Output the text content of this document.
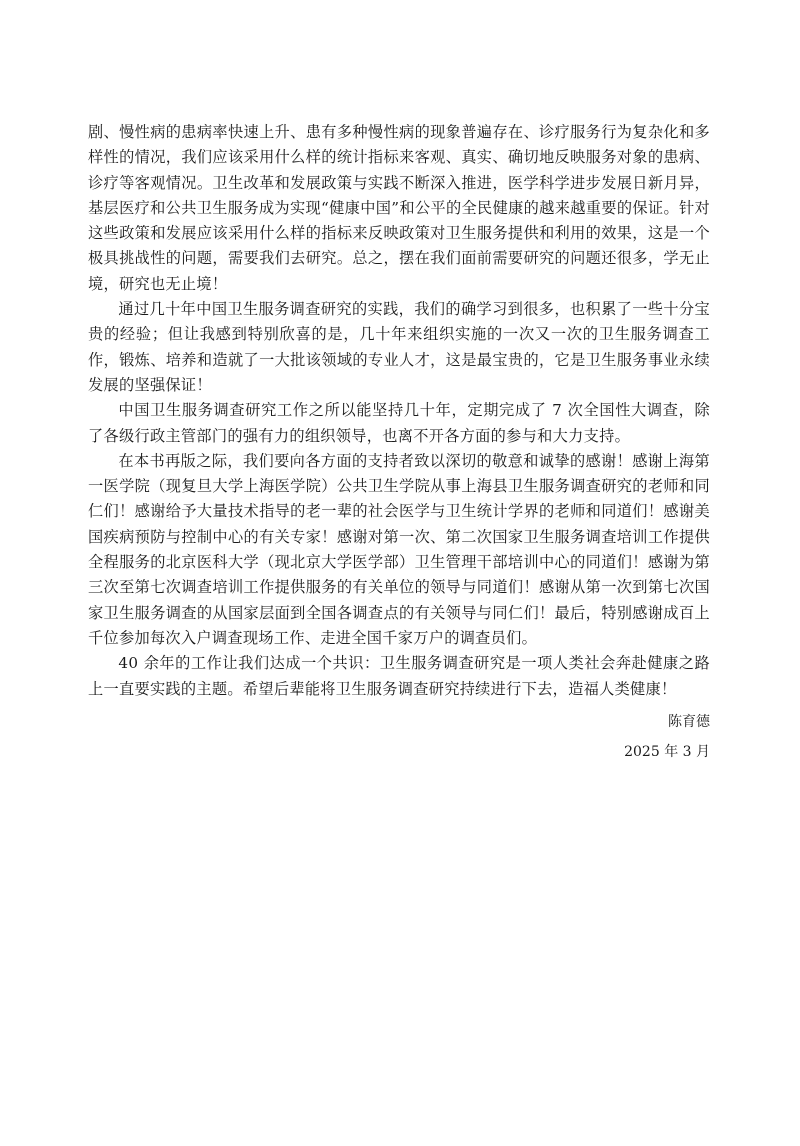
剧、慢性病的患病率快速上升、患有多种慢性病的现象普遍存在、诊疗服务行为复杂化和多样性的情况，我们应该采用什么样的统计指标来客观、真实、确切地反映服务对象的患病、诊疗等客观情况。卫生改革和发展政策与实践不断深入推进，医学科学进步发展日新月异，基层医疗和公共卫生服务成为实现“健康中国”和公平的全民健康的越来越重要的保证。针对这些政策和发展应该采用什么样的指标来反映政策对卫生服务提供和利用的效果，这是一个极具挑战性的问题，需要我们去研究。总之，摆在我们面前需要研究的问题还很多，学无止境，研究也无止境！

通过几十年中国卫生服务调查研究的实践，我们的确学习到很多，也积累了一些十分宝贵的经验；但让我感到特别欣喜的是，几十年来组织实施的一次又一次的卫生服务调查工作，锻炼、培养和造就了一大批该领域的专业人才，这是最宝贵的，它是卫生服务事业永续发展的坚强保证！

中国卫生服务调查研究工作之所以能坚持几十年，定期完成了 7 次全国性大调查，除了各级行政主管部门的强有力的组织领导，也离不开各方面的参与和大力支持。

在本书再版之际，我们要向各方面的支持者致以深切的敬意和诚挚的感谢！感谢上海第一医学院（现复旦大学上海医学院）公共卫生学院从事上海县卫生服务调查研究的老师和同仁们！感谢给予大量技术指导的老一辈的社会医学与卫生统计学界的老师和同道们！感谢美国疾病预防与控制中心的有关专家！感谢对第一次、第二次国家卫生服务调查培训工作提供全程服务的北京医科大学（现北京大学医学部）卫生管理干部培训中心的同道们！感谢为第三次至第七次调查培训工作提供服务的有关单位的领导与同道们！感谢从第一次到第七次国家卫生服务调查的从国家层面到全国各调查点的有关领导与同仁们！最后，特别感谢成百上千位参加每次入户调查现场工作、走进全国千家万户的调查员们。

40 余年的工作让我们达成一个共识：卫生服务调查研究是一项人类社会奔赴健康之路上一直要实践的主题。希望后辈能将卫生服务调查研究持续进行下去，造福人类健康！

陈育德
2025 年 3 月
